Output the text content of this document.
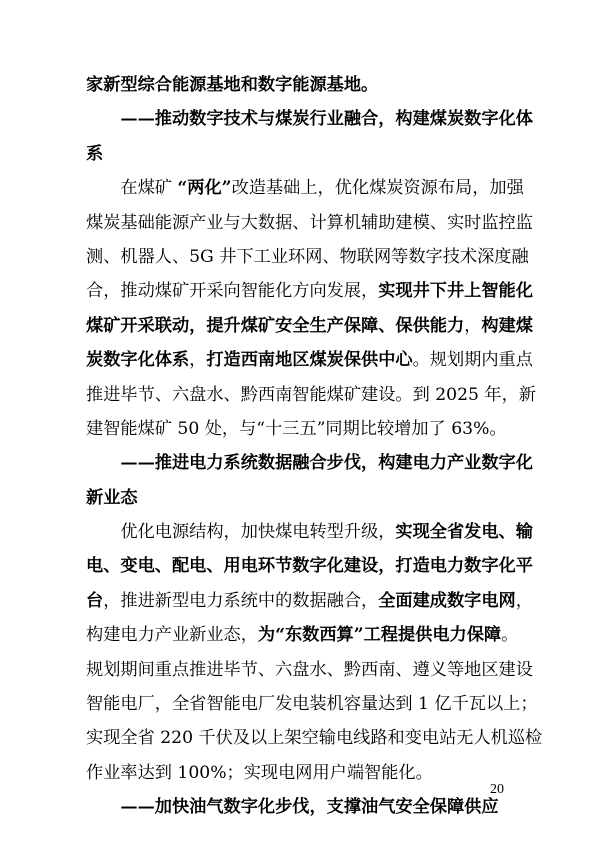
家新型综合能源基地和数字能源基地。
——推动数字技术与煤炭行业融合，构建煤炭数字化体
系
在煤矿 “两化”改造基础上，优化煤炭资源布局，加强
煤炭基础能源产业与大数据、计算机辅助建模、实时监控监
测、机器人、5G 井下工业环网、物联网等数字技术深度融
合，推动煤矿开采向智能化方向发展，实现井下井上智能化
煤矿开采联动，提升煤矿安全生产保障、保供能力，构建煤
炭数字化体系，打造西南地区煤炭保供中心。规划期内重点
推进毕节、六盘水、黔西南智能煤矿建设。到 2025 年，新
建智能煤矿 50 处，与“十三五”同期比较增加了 63%。
——推进电力系统数据融合步伐，构建电力产业数字化
新业态
优化电源结构，加快煤电转型升级，实现全省发电、输
电、变电、配电、用电环节数字化建设，打造电力数字化平
台，推进新型电力系统中的数据融合，全面建成数字电网，
构建电力产业新业态，为“东数西算”工程提供电力保障。
规划期间重点推进毕节、六盘水、黔西南、遵义等地区建设
智能电厂，全省智能电厂发电装机容量达到 1 亿千瓦以上；
实现全省 220 千伏及以上架空输电线路和变电站无人机巡检
作业率达到 100%；实现电网用户端智能化。
——加快油气数字化步伐，支撑油气安全保障供应
20
